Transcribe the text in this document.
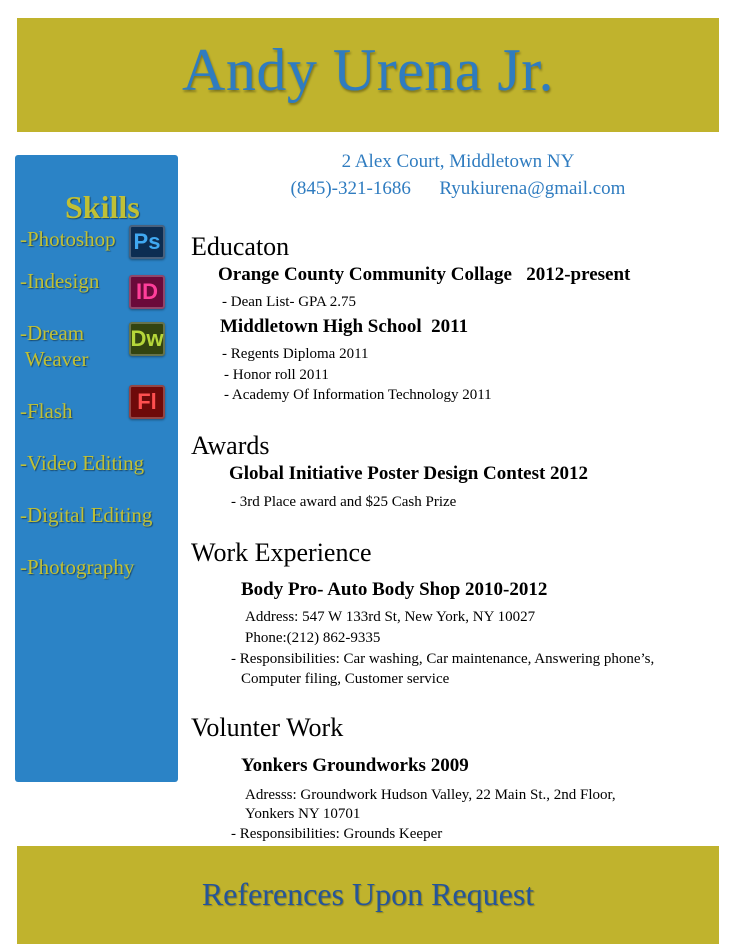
Andy Urena Jr.
Skills
-Photoshop
-Indesign
-Dream
Weaver
-Flash
-Video Editing
-Digital Editing
-Photography
Ps
ID
Dw
Fl
2 Alex Court, Middletown NY
(845)-321-1686      Ryukiurena@gmail.com
Educaton
Orange County Community Collage   2012-present
- Dean List- GPA 2.75
Middletown High School  2011
- Regents Diploma 2011
- Honor roll 2011
- Academy Of Information Technology 2011
Awards
Global Initiative Poster Design Contest 2012
- 3rd Place award and $25 Cash Prize
Work Experience
Body Pro- Auto Body Shop 2010-2012
Address: 547 W 133rd St, New York, NY 10027
Phone:(212) 862-9335
- Responsibilities: Car washing, Car maintenance, Answering phone’s,
Computer filing, Customer service
Volunter Work
Yonkers Groundworks 2009
Adresss: Groundwork Hudson Valley, 22 Main St., 2nd Floor,
Yonkers NY 10701
- Responsibilities: Grounds Keeper
References Upon Request
